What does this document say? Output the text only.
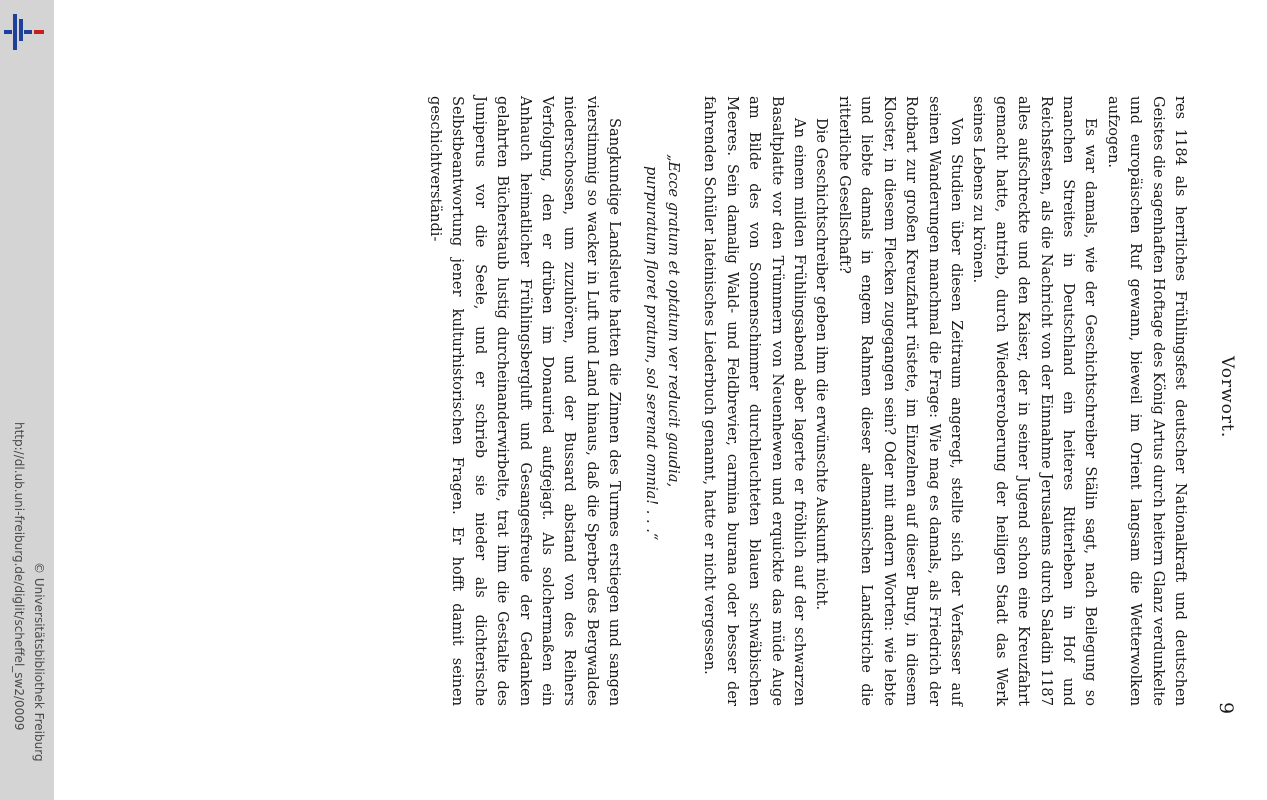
http://dl.ub.uni-freiburg.de/diglit/scheffel_sw2/0009 © Universitätsbibliothek Freiburg
Vorwort.
9

res 1184 als herrliches Frühlingsfest deutscher Nationalkraft und deutschen Geistes die sagenhaften Hoftage des König Artus durch heitern Glanz verdunkelte und europäischen Ruf gewann, bieweil im Orient langsam die Wetterwolken aufzogen.

Es war damals, wie der Geschichtschreiber Stälin sagt, nach Beilegung so manchen Streites in Deutschland ein heiteres Ritterleben in Hof und Reichsfesten, als die Nachricht von der Einnahme Jerusalems durch Saladin 1187 alles aufschreckte und den Kaiser, der in seiner Jugend schon eine Kreuzfahrt gemacht hatte, antrieb, durch Wiedereroberung der heiligen Stadt das Werk seines Lebens zu krönen.

Von Studien über diesen Zeitraum angeregt, stellte sich der Verfasser auf seinen Wanderungen manchmal die Frage: Wie mag es damals, als Friedrich der Rotbart zur großen Kreuzfahrt rüstete, im Einzelnen auf dieser Burg, in diesem Kloster, in diesem Flecken zugegangen sein? Oder mit andern Worten: wie lebte und liebte damals in engem Rahmen dieser alemannischen Landstriche die ritterliche Gesellschaft?

Die Geschichtschreiber geben ihm die erwünschte Auskunft nicht.

An einem milden Frühlingsabend aber lagerte er fröhlich auf der schwarzen Basaltplatte vor den Trümmern von Neuenhewen und erquickte das müde Auge am Bilde des von Sonnenschimmer durchleuchteten blauen schwäbischen Meeres. Sein damalig Wald- und Feldbrevier, carmina burana oder besser der fahrenden Schüler lateinisches Liederbuch genannt, hatte er nicht vergessen.

„Ecce gratum et optatum ver reducit gaudia,
purpuratum floret pratum, sol serenat omnia! . . .“

Sangkundige Landsleute hatten die Zinnen des Turmes erstiegen und sangen vierstimmig so wacker in Luft und Land hinaus, daß die Sperber des Bergwaldes niederschossen, um zuzuhören, und der Bussard abstand von des Reihers Verfolgung, den er drüben im Donauried aufgejagt. Als solchermaßen ein Anhauch heimatlicher Frühlingsbergluft und Gesangesfreude der Gedanken gelahrten Bücherstaub lustig durcheinanderwirbelte, trat ihm die Gestalte des Juniperus vor die Seele, und er schrieb sie nieder als dichterische Selbstbeantwortung jener kulturhistorischen Fragen. Er hofft damit seinen geschichtverständi-
